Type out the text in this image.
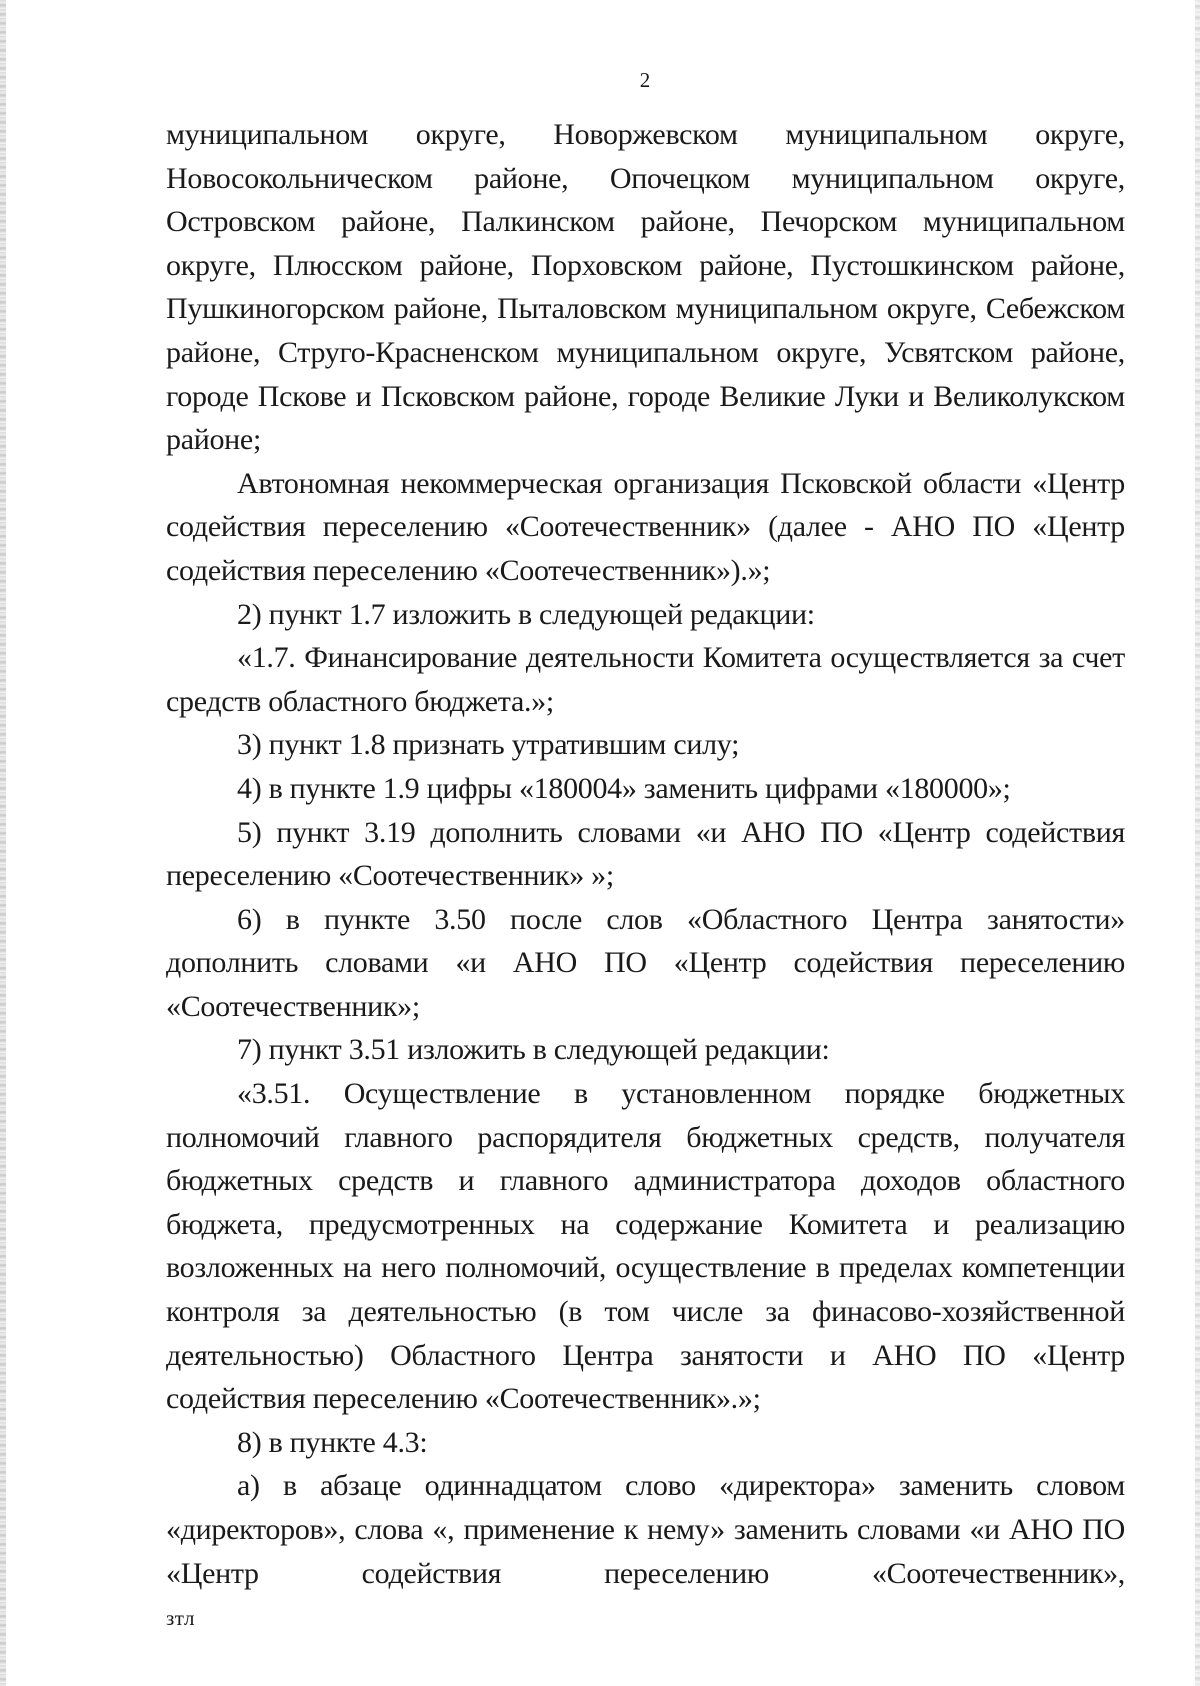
2

муниципальном округе, Новоржевском муниципальном округе, Новосокольническом районе, Опочецком муниципальном округе, Островском районе, Палкинском районе, Печорском муниципальном округе, Плюсском районе, Порховском районе, Пустошкинском районе, Пушкиногорском районе, Пыталовском муниципальном округе, Себежском районе, Струго-Красненском муниципальном округе, Усвятском районе, городе Пскове и Псковском районе, городе Великие Луки и Великолукском районе;

Автономная некоммерческая организация Псковской области «Центр содействия переселению «Соотечественник» (далее - АНО ПО «Центр содействия переселению «Соотечественник»).»;

2) пункт 1.7 изложить в следующей редакции:

«1.7. Финансирование деятельности Комитета осуществляется за счет средств областного бюджета.»;

3) пункт 1.8 признать утратившим силу;

4) в пункте 1.9 цифры «180004» заменить цифрами «180000»;

5) пункт 3.19 дополнить словами «и АНО ПО «Центр содействия переселению «Соотечественник» »;

6) в пункте 3.50 после слов «Областного Центра занятости» дополнить словами «и АНО ПО «Центр содействия переселению «Соотечественник»;

7) пункт 3.51 изложить в следующей редакции:

«3.51. Осуществление в установленном порядке бюджетных полномочий главного распорядителя бюджетных средств, получателя бюджетных средств и главного администратора доходов областного бюджета, предусмотренных на содержание Комитета и реализацию возложенных на него полномочий, осуществление в пределах компетенции контроля за деятельностью (в том числе за финасово-хозяйственной деятельностью) Областного Центра занятости и АНО ПО «Центр содействия переселению «Соотечественник».»;

8) в пункте 4.3:

а) в абзаце одиннадцатом слово «директора» заменить словом «директоров», слова «, применение к нему» заменить словами «и АНО ПО «Центр содействия переселению «Соотечественник»,

зтл
